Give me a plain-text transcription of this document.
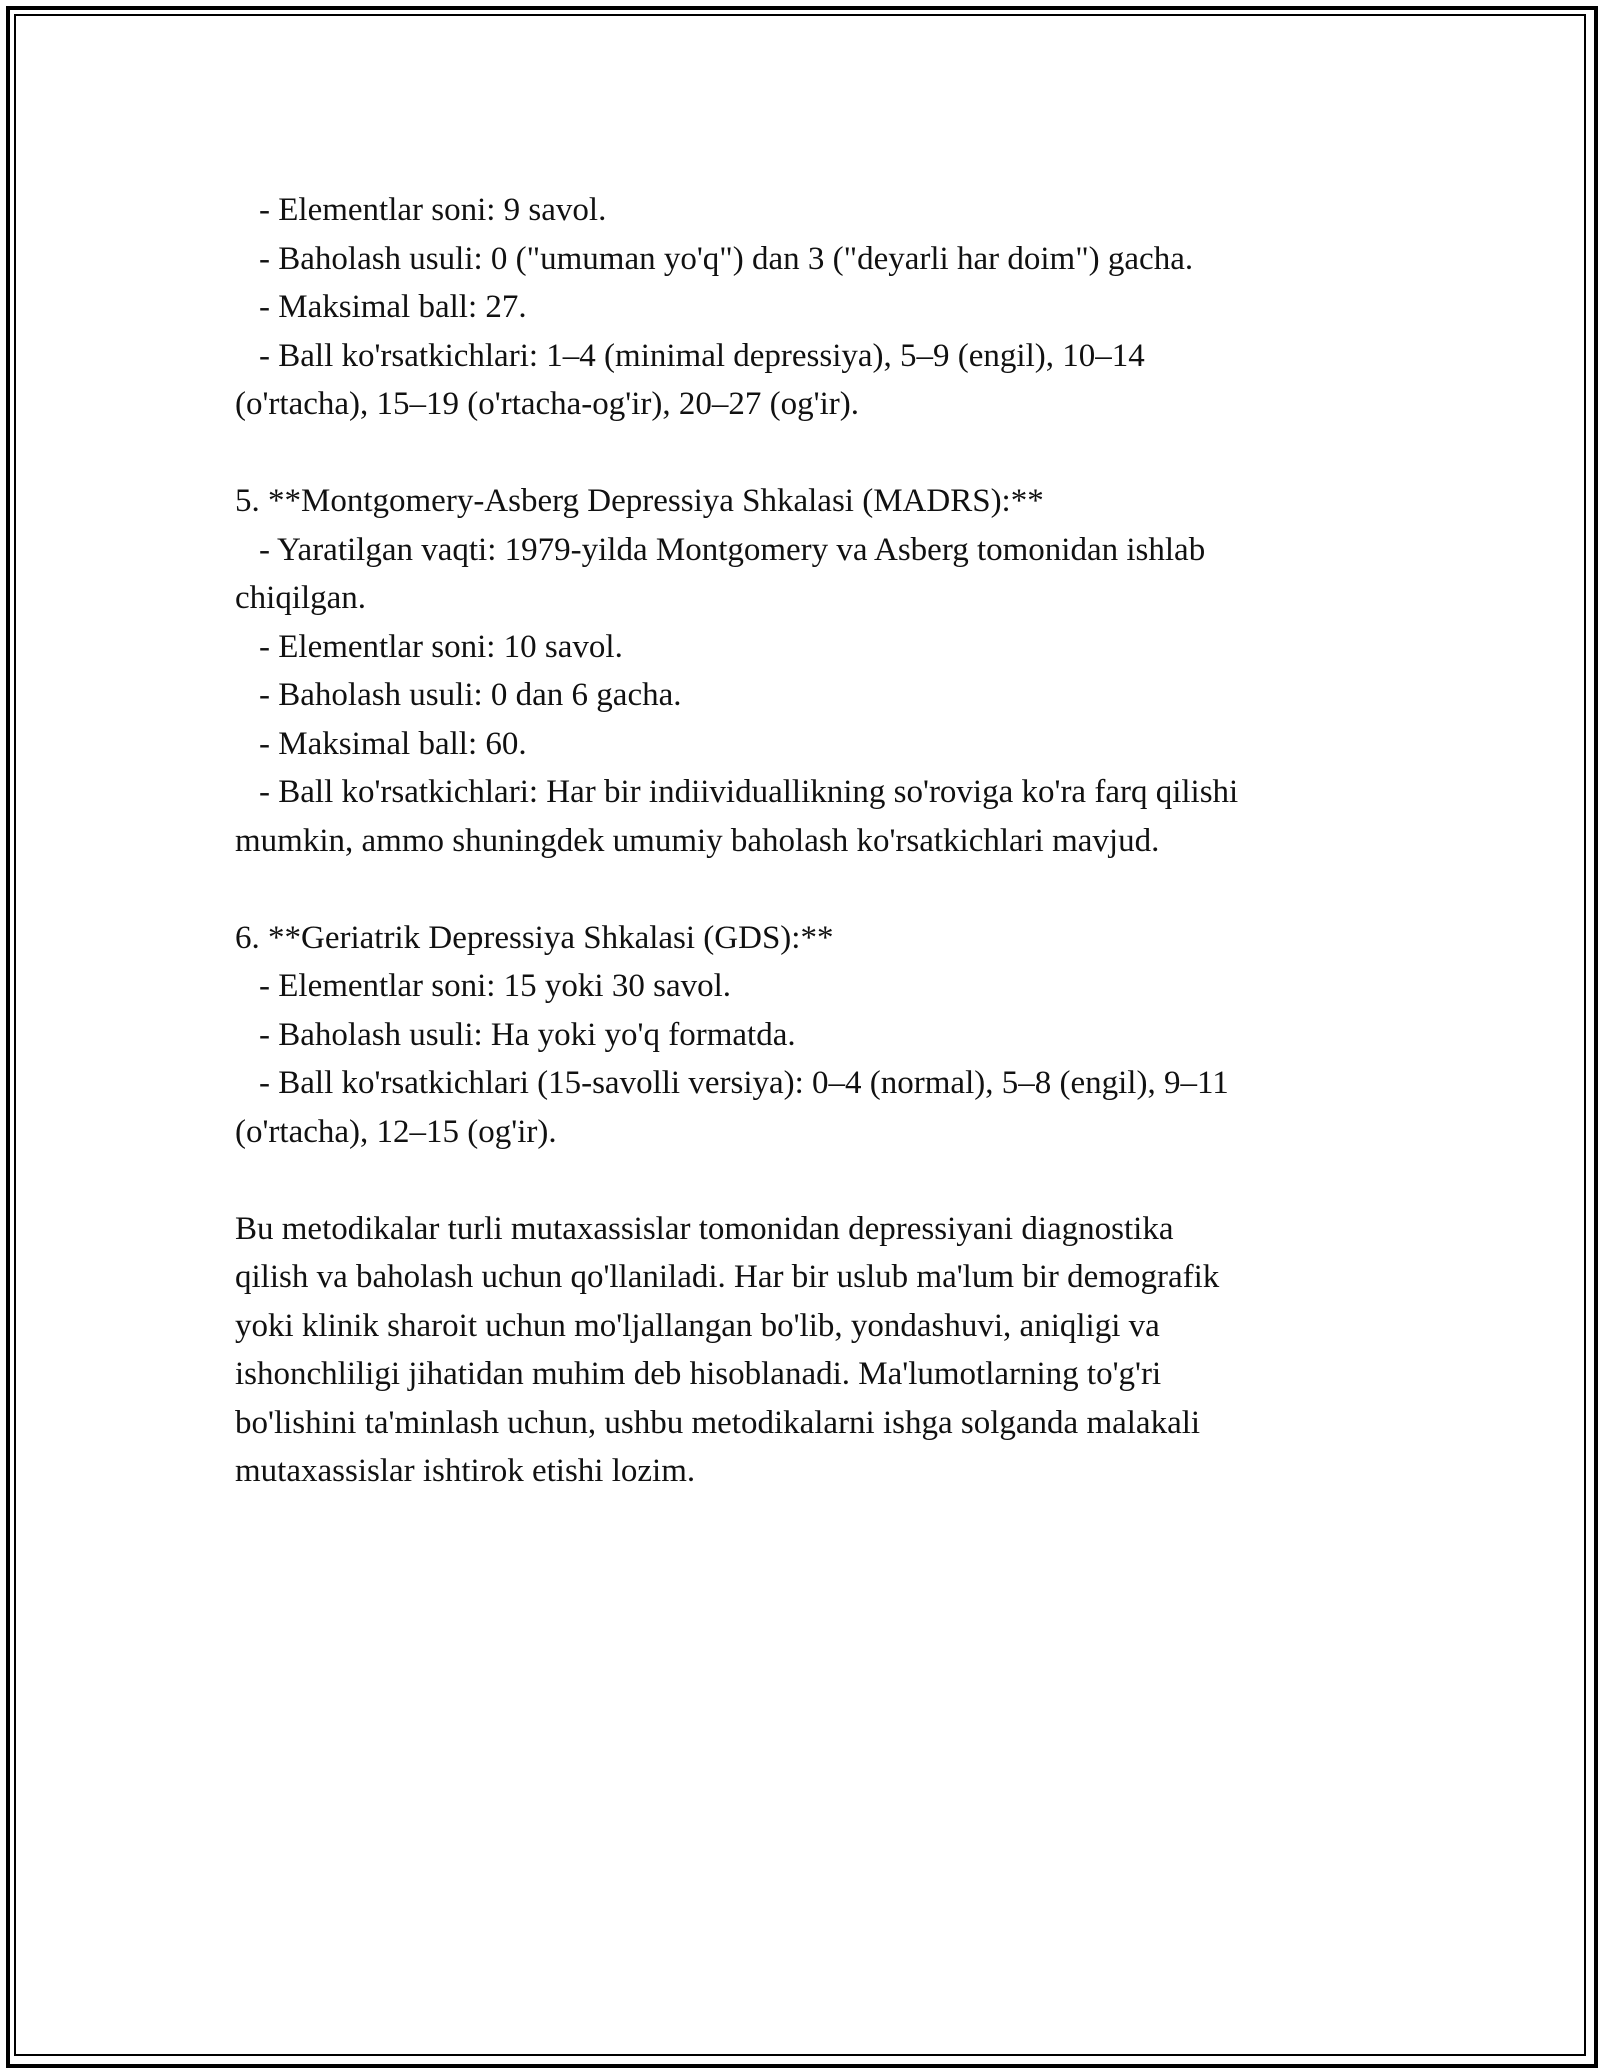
- Elementlar soni: 9 savol.
- Baholash usuli: 0 ("umuman yo'q") dan 3 ("deyarli har doim") gacha.
- Maksimal ball: 27.
- Ball ko'rsatkichlari: 1–4 (minimal depressiya), 5–9 (engil), 10–14
(o'rtacha), 15–19 (o'rtacha-og'ir), 20–27 (og'ir).
5. **Montgomery-Asberg Depressiya Shkalasi (MADRS):**
- Yaratilgan vaqti: 1979-yilda Montgomery va Asberg tomonidan ishlab
chiqilgan.
- Elementlar soni: 10 savol.
- Baholash usuli: 0 dan 6 gacha.
- Maksimal ball: 60.
- Ball ko'rsatkichlari: Har bir indiividuallikning so'roviga ko'ra farq qilishi
mumkin, ammo shuningdek umumiy baholash ko'rsatkichlari mavjud.
6. **Geriatrik Depressiya Shkalasi (GDS):**
- Elementlar soni: 15 yoki 30 savol.
- Baholash usuli: Ha yoki yo'q formatda.
- Ball ko'rsatkichlari (15-savolli versiya): 0–4 (normal), 5–8 (engil), 9–11
(o'rtacha), 12–15 (og'ir).
Bu metodikalar turli mutaxassislar tomonidan depressiyani diagnostika
qilish va baholash uchun qo'llaniladi. Har bir uslub ma'lum bir demografik
yoki klinik sharoit uchun mo'ljallangan bo'lib, yondashuvi, aniqligi va
ishonchliligi jihatidan muhim deb hisoblanadi. Ma'lumotlarning to'g'ri
bo'lishini ta'minlash uchun, ushbu metodikalarni ishga solganda malakali
mutaxassislar ishtirok etishi lozim.
